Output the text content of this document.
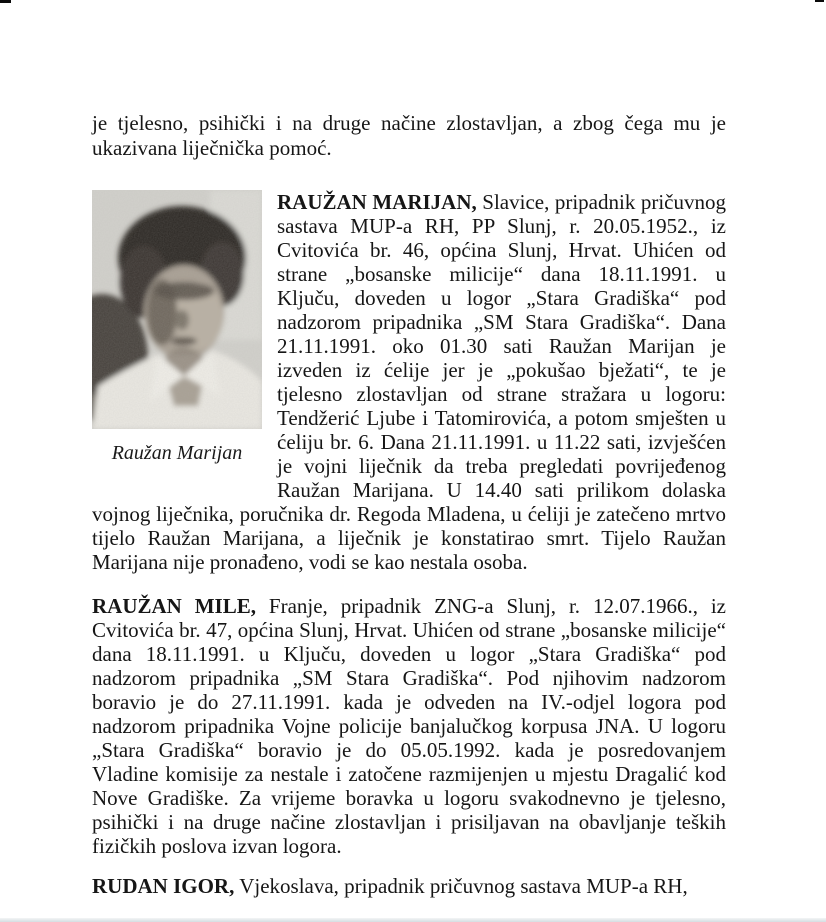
je tjelesno, psihički i na druge načine zlostavljan, a zbog čega mu je ukazivana liječnička pomoć.

Raužan Marijan
RAUŽAN MARIJAN, Slavice, pripadnik pričuvnog sastava MUP-a RH, PP Slunj, r. 20.05.1952., iz Cvitovića br. 46, općina Slunj, Hrvat. Uhićen od strane „bosanske milicije“ dana 18.11.1991. u Ključu, doveden u logor „Stara Gradiška“ pod nadzorom pripadnika „SM Stara Gradiška“. Dana 21.11.1991. oko 01.30 sati Raužan Marijan je izveden iz ćelije jer je „pokušao bježati“, te je tjelesno zlostavljan od strane stražara u logoru: Tendžerić Ljube i Tatomirovića, a potom smješten u ćeliju br. 6. Dana 21.11.1991. u 11.22 sati, izvješćen je vojni liječnik da treba pregledati povrijeđenog Raužan Marijana. U 14.40 sati prilikom dolaska vojnog liječnika, poručnika dr. Regoda Mladena, u ćeliji je zatečeno mrtvo tijelo Raužan Marijana, a liječnik je konstatirao smrt. Tijelo Raužan Marijana nije pronađeno, vodi se kao nestala osoba.

RAUŽAN MILE, Franje, pripadnik ZNG-a Slunj, r. 12.07.1966., iz Cvitovića br. 47, općina Slunj, Hrvat. Uhićen od strane „bosanske milicije“ dana 18.11.1991. u Ključu, doveden u logor „Stara Gradiška“ pod nadzorom pripadnika „SM Stara Gradiška“. Pod njihovim nadzorom boravio je do 27.11.1991. kada je odveden na IV.-odjel logora pod nadzorom pripadnika Vojne policije banjalučkog korpusa JNA. U logoru „Stara Gradiška“ boravio je do 05.05.1992. kada je posredovanjem Vladine komisije za nestale i zatočene razmijenjen u mjestu Dragalić kod Nove Gradiške. Za vrijeme boravka u logoru svakodnevno je tjelesno, psihički i na druge načine zlostavljan i prisiljavan na obavljanje teških fizičkih poslova izvan logora.

RUDAN IGOR, Vjekoslava, pripadnik pričuvnog sastava MUP-a RH,
